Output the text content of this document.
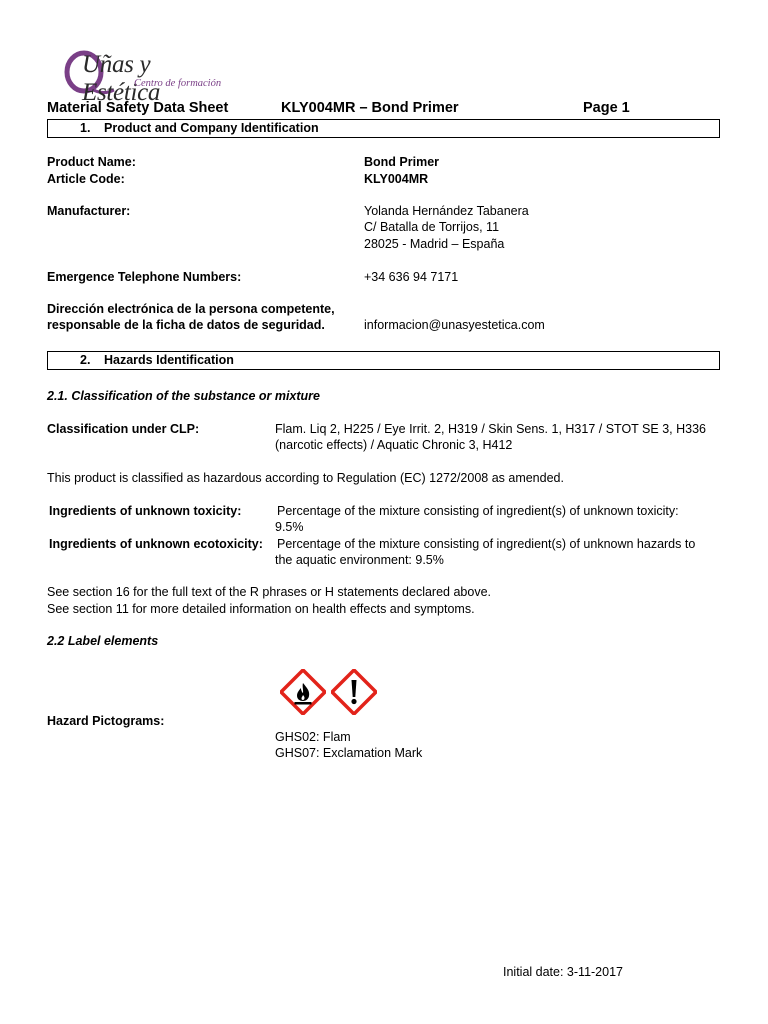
Uñas y Estética
Centro de formación
Material Safety Data Sheet	KLY004MR – Bond Primer	Page 1
1. Product and Company Identification
Product Name:	Bond Primer
Article Code:	KLY004MR
Manufacturer:	Yolanda Hernández Tabanera
C/ Batalla de Torrijos, 11
28025 - Madrid – España
Emergence Telephone Numbers:	+34 636 94 7171
Dirección electrónica de la persona competente,
responsable de la ficha de datos de seguridad.	informacion@unasyestetica.com
2. Hazards Identification
2.1. Classification of the substance or mixture
Classification under CLP:	Flam. Liq 2, H225 / Eye Irrit. 2, H319 / Skin Sens. 1, H317 / STOT SE 3, H336
(narcotic effects) / Aquatic Chronic 3, H412
This product is classified as hazardous according to Regulation (EC) 1272/2008 as amended.
Ingredients of unknown toxicity:	Percentage of the mixture consisting of ingredient(s) of unknown toxicity:
9.5%
Ingredients of unknown ecotoxicity: Percentage of the mixture consisting of ingredient(s) of unknown hazards to
the aquatic environment: 9.5%
See section 16 for the full text of the R phrases or H statements declared above.
See section 11 for more detailed information on health effects and symptoms.
2.2 Label elements
Hazard Pictograms:
GHS02: Flam
GHS07: Exclamation Mark
Initial date: 3-11-2017
